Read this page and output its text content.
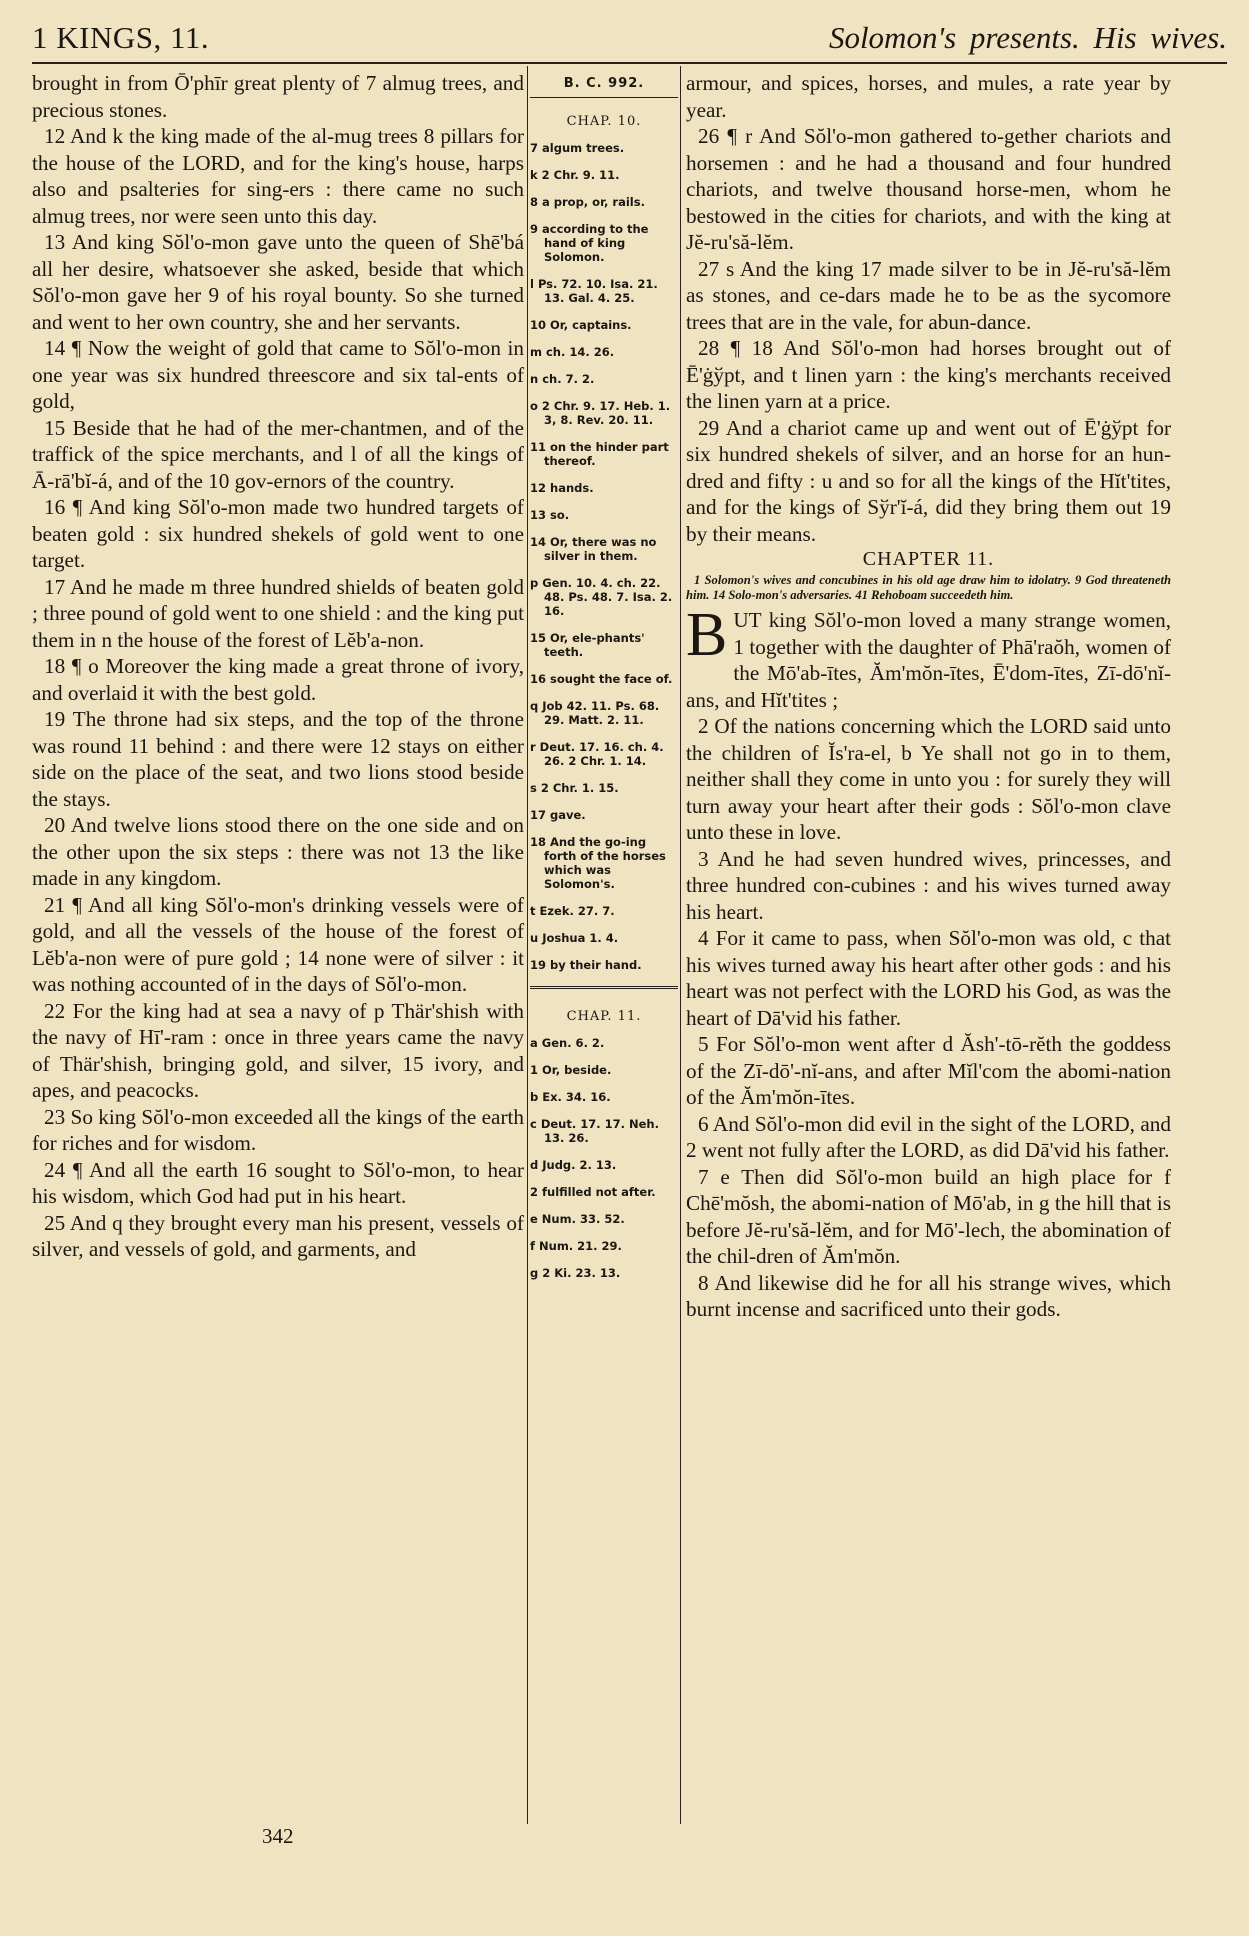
1 KINGS, 11.	Solomon's presents. His wives.

brought in from Ō'phīr great plenty of 7 almug trees, and precious stones.

12 And k the king made of the al-mug trees 8 pillars for the house of the LORD, and for the king's house, harps also and psalteries for sing-ers : there came no such almug trees, nor were seen unto this day.

13 And king Sŏl'o-mon gave unto the queen of Shē'bá all her desire, whatsoever she asked, beside that which Sŏl'o-mon gave her 9 of his royal bounty. So she turned and went to her own country, she and her servants.

14 ¶ Now the weight of gold that came to Sŏl'o-mon in one year was six hundred threescore and six tal-ents of gold,

15 Beside that he had of the mer-chantmen, and of the traffick of the spice merchants, and l of all the kings of Ā-rā'bĭ-á, and of the 10 gov-ernors of the country.

16 ¶ And king Sŏl'o-mon made two hundred targets of beaten gold : six hundred shekels of gold went to one target.

17 And he made m three hundred shields of beaten gold ; three pound of gold went to one shield : and the king put them in n the house of the forest of Lĕb'a-non.

18 ¶ o Moreover the king made a great throne of ivory, and overlaid it with the best gold.

19 The throne had six steps, and the top of the throne was round 11 behind : and there were 12 stays on either side on the place of the seat, and two lions stood beside the stays.

20 And twelve lions stood there on the one side and on the other upon the six steps : there was not 13 the like made in any kingdom.

21 ¶ And all king Sŏl'o-mon's drinking vessels were of gold, and all the vessels of the house of the forest of Lĕb'a-non were of pure gold ; 14 none were of silver : it was nothing accounted of in the days of Sŏl'o-mon.

22 For the king had at sea a navy of p Thär'shish with the navy of Hī'-ram : once in three years came the navy of Thär'shish, bringing gold, and silver, 15 ivory, and apes, and peacocks.

23 So king Sŏl'o-mon exceeded all the kings of the earth for riches and for wisdom.

24 ¶ And all the earth 16 sought to Sŏl'o-mon, to hear his wisdom, which God had put in his heart.

25 And q they brought every man his present, vessels of silver, and vessels of gold, and garments, and

B. C. 992.
CHAP. 10.
7 algum trees.
k 2 Chr. 9. 11.
8 a prop, or, rails.
9 according to the hand of king Solomon.
l Ps. 72. 10. Isa. 21. 13. Gal. 4. 25.
10 Or, captains.
m ch. 14. 26.
n ch. 7. 2.
o 2 Chr. 9. 17. Heb. 1. 3, 8. Rev. 20. 11.
11 on the hinder part thereof.
12 hands.
13 so.
14 Or, there was no silver in them.
p Gen. 10. 4. ch. 22. 48. Ps. 48. 7. Isa. 2. 16.
15 Or, ele-phants' teeth.
16 sought the face of.
q Job 42. 11. Ps. 68. 29. Matt. 2. 11.
r Deut. 17. 16. ch. 4. 26. 2 Chr. 1. 14.
s 2 Chr. 1. 15.
17 gave.
18 And the go-ing forth of the horses which was Solomon's.
t Ezek. 27. 7.
u Joshua 1. 4.
19 by their hand.
CHAP. 11.
a Gen. 6. 2.
1 Or, beside.
b Ex. 34. 16.
c Deut. 17. 17. Neh. 13. 26.
d Judg. 2. 13.
2 fulfilled not after.
e Num. 33. 52.
f Num. 21. 29.
g 2 Ki. 23. 13.

armour, and spices, horses, and mules, a rate year by year.

26 ¶ r And Sŏl'o-mon gathered to-gether chariots and horsemen : and he had a thousand and four hundred chariots, and twelve thousand horse-men, whom he bestowed in the cities for chariots, and with the king at Jĕ-ru'să-lĕm.

27 s And the king 17 made silver to be in Jĕ-ru'să-lĕm as stones, and ce-dars made he to be as the sycomore trees that are in the vale, for abun-dance.

28 ¶ 18 And Sŏl'o-mon had horses brought out of Ē'ġўpt, and t linen yarn : the king's merchants received the linen yarn at a price.

29 And a chariot came up and went out of Ē'ġўpt for six hundred shekels of silver, and an horse for an hun-dred and fifty : u and so for all the kings of the Hĭt'tites, and for the kings of Sўr'ĭ-á, did they bring them out 19 by their means.

CHAPTER 11.

1 Solomon's wives and concubines in his old age draw him to idolatry. 9 God threateneth him. 14 Solo-mon's adversaries. 41 Rehoboam succeedeth him.

BUT king Sŏl'o-mon loved a many strange women, 1 together with the daughter of Phā'raŏh, women of the Mō'ab-ītes, Ăm'mŏn-ītes, Ē'dom-ītes, Zī-dō'nĭ-ans, and Hĭt'tites ;

2 Of the nations concerning which the LORD said unto the children of Ĭs'ra-el, b Ye shall not go in to them, neither shall they come in unto you : for surely they will turn away your heart after their gods : Sŏl'o-mon clave unto these in love.

3 And he had seven hundred wives, princesses, and three hundred con-cubines : and his wives turned away his heart.

4 For it came to pass, when Sŏl'o-mon was old, c that his wives turned away his heart after other gods : and his heart was not perfect with the LORD his God, as was the heart of Dā'vid his father.

5 For Sŏl'o-mon went after d Ăsh'-tō-rĕth the goddess of the Zī-dō'-nĭ-ans, and after Mĭl'com the abomi-nation of the Ăm'mŏn-ītes.

6 And Sŏl'o-mon did evil in the sight of the LORD, and 2 went not fully after the LORD, as did Dā'vid his father.

7 e Then did Sŏl'o-mon build an high place for f Chē'mŏsh, the abomi-nation of Mō'ab, in g the hill that is before Jĕ-ru'să-lĕm, and for Mō'-lech, the abomination of the chil-dren of Ăm'mŏn.

8 And likewise did he for all his strange wives, which burnt incense and sacrificed unto their gods.

342
